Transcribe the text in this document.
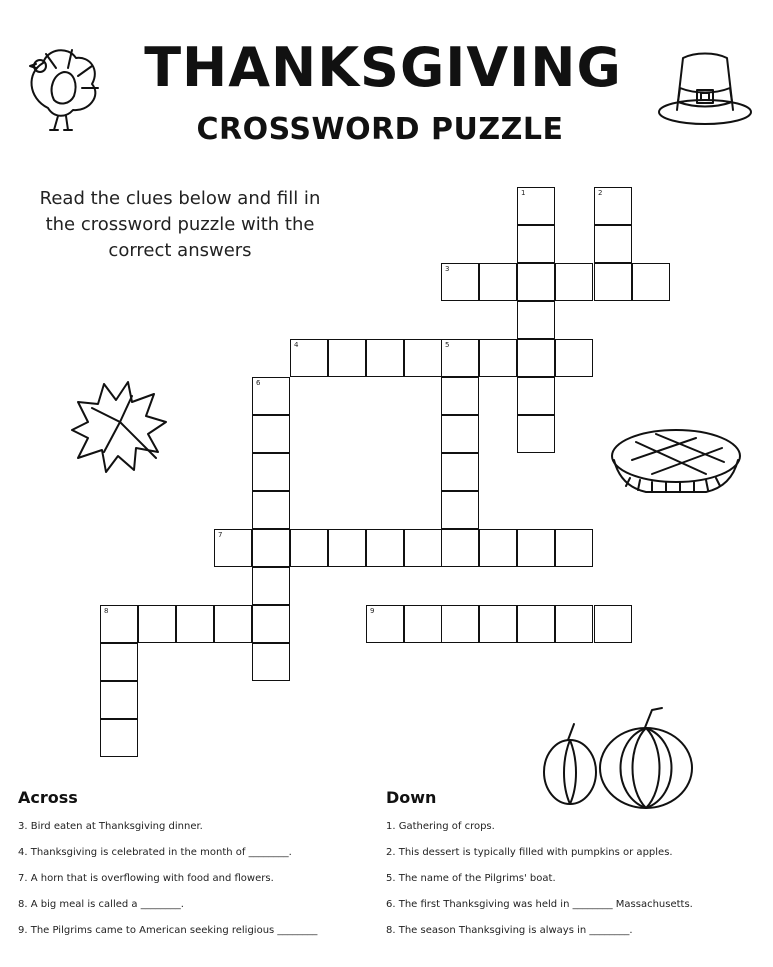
THANKSGIVING
CROSSWORD PUZZLE
Read the clues below and fill in the crossword puzzle with the correct answers
1	2
3
4	5
6
7
8	9
Across
3. Bird eaten at Thanksgiving dinner.
4. Thanksgiving is celebrated in the month of ________.
7. A horn that is overflowing with food and flowers.
8. A big meal is called a ________.
9. The Pilgrims came to American seeking religious ________
Down
1. Gathering of crops.
2. This dessert is typically filled with pumpkins or apples.
5. The name of the Pilgrims' boat.
6. The first Thanksgiving was held in ________ Massachusetts.
8. The season Thanksgiving is always in ________.
